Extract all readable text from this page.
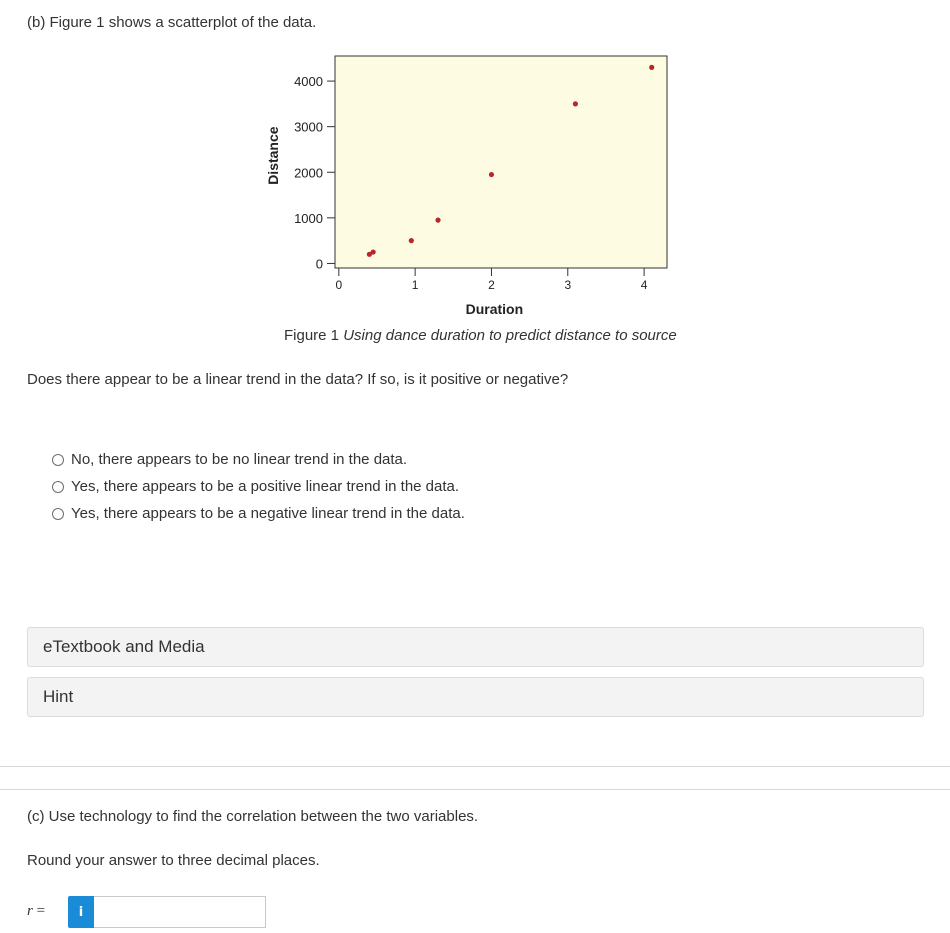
(b) Figure 1 shows a scatterplot of the data.
0
1000
2000
3000
4000
0	1	2	3	4
Duration
Distance
Figure 1 Using dance duration to predict distance to source
Does there appear to be a linear trend in the data? If so, is it positive or negative?
No, there appears to be no linear trend in the data.
Yes, there appears to be a positive linear trend in the data.
Yes, there appears to be a negative linear trend in the data.
eTextbook and Media
Hint
(c) Use technology to find the correlation between the two variables.
Round your answer to three decimal places.
r =	i
